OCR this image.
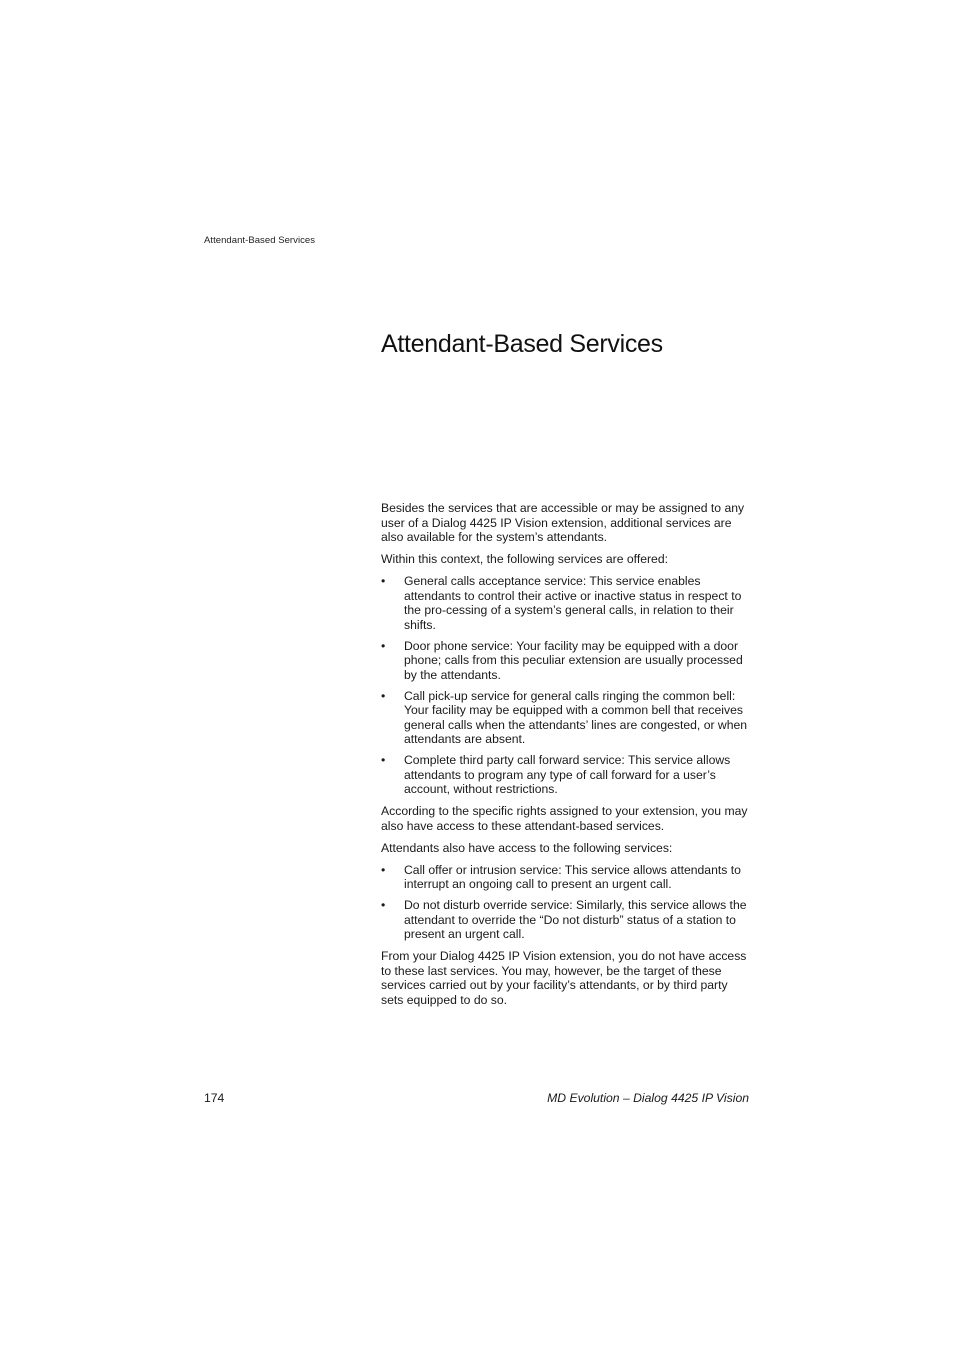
Attendant-Based Services
Attendant-Based Services

Besides the services that are accessible or may be assigned to any user of a Dialog 4425 IP Vision extension, additional services are also available for the system’s attendants.

Within this context, the following services are offered:

• General calls acceptance service: This service enables attendants to control their active or inactive status in respect to the pro-cessing of a system’s general calls, in relation to their shifts.
• Door phone service: Your facility may be equipped with a door phone; calls from this peculiar extension are usually processed by the attendants.
• Call pick-up service for general calls ringing the common bell: Your facility may be equipped with a common bell that receives general calls when the attendants’ lines are congested, or when attendants are absent.
• Complete third party call forward service: This service allows attendants to program any type of call forward for a user’s account, without restrictions.

According to the specific rights assigned to your extension, you may also have access to these attendant-based services.

Attendants also have access to the following services:

• Call offer or intrusion service: This service allows attendants to interrupt an ongoing call to present an urgent call.
• Do not disturb override service: Similarly, this service allows the attendant to override the “Do not disturb” status of a station to present an urgent call.

From your Dialog 4425 IP Vision extension, you do not have access to these last services. You may, however, be the target of these services carried out by your facility’s attendants, or by third party sets equipped to do so.

174	MD Evolution – Dialog 4425 IP Vision
